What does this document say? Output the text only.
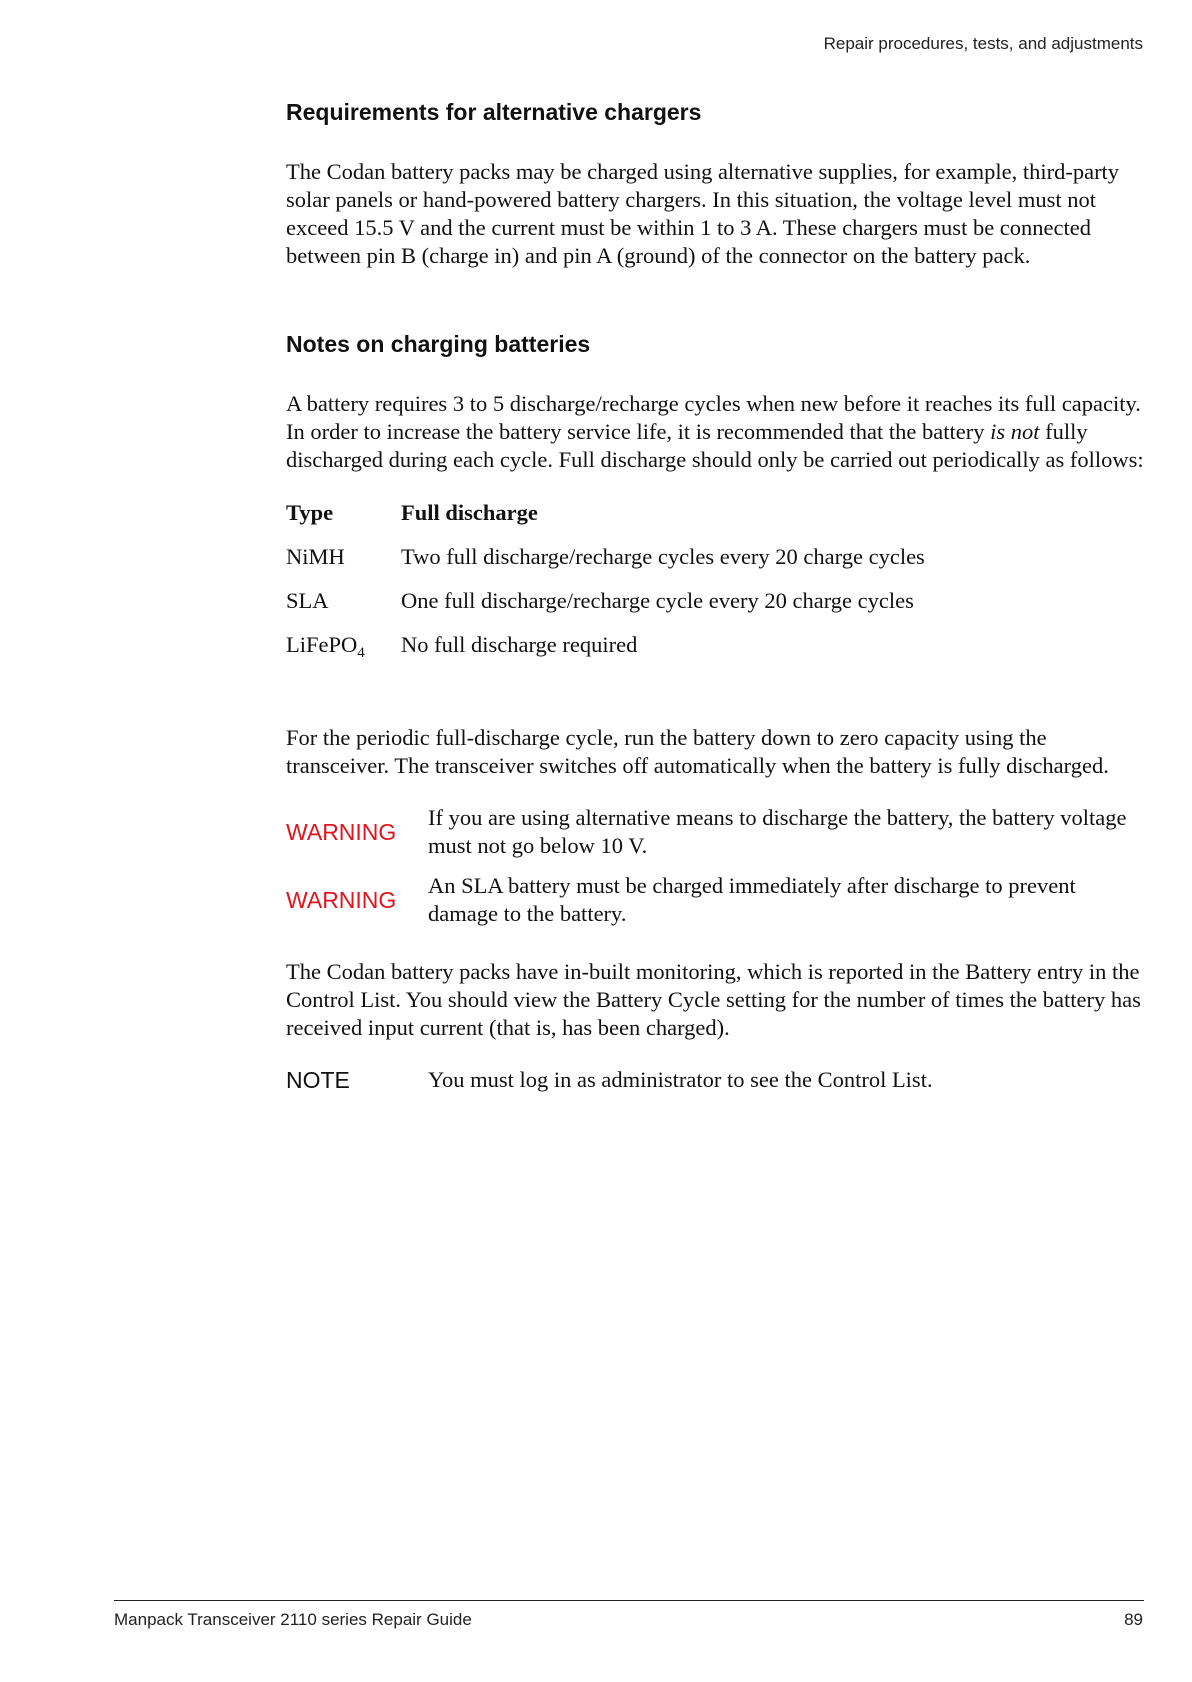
Repair procedures, tests, and adjustments
Requirements for alternative chargers

The Codan battery packs may be charged using alternative supplies, for example, third-party solar panels or hand-powered battery chargers. In this situation, the voltage level must not exceed 15.5 V and the current must be within 1 to 3 A. These chargers must be connected between pin B (charge in) and pin A (ground) of the connector on the battery pack.

Notes on charging batteries

A battery requires 3 to 5 discharge/recharge cycles when new before it reaches its full capacity. In order to increase the battery service life, it is recommended that the battery is not fully discharged during each cycle. Full discharge should only be carried out periodically as follows:

Type	Full discharge
NiMH	Two full discharge/recharge cycles every 20 charge cycles
SLA	One full discharge/recharge cycle every 20 charge cycles
LiFePO$_4$	No full discharge required

For the periodic full-discharge cycle, run the battery down to zero capacity using the transceiver. The transceiver switches off automatically when the battery is fully discharged.

WARNING
If you are using alternative means to discharge the battery, the battery voltage must not go below 10 V.
WARNING
An SLA battery must be charged immediately after discharge to prevent damage to the battery.

The Codan battery packs have in-built monitoring, which is reported in the Battery entry in the Control List. You should view the Battery Cycle setting for the number of times the battery has received input current (that is, has been charged).

NOTE	You must log in as administrator to see the Control List.
Manpack Transceiver 2110 series Repair Guide	89
